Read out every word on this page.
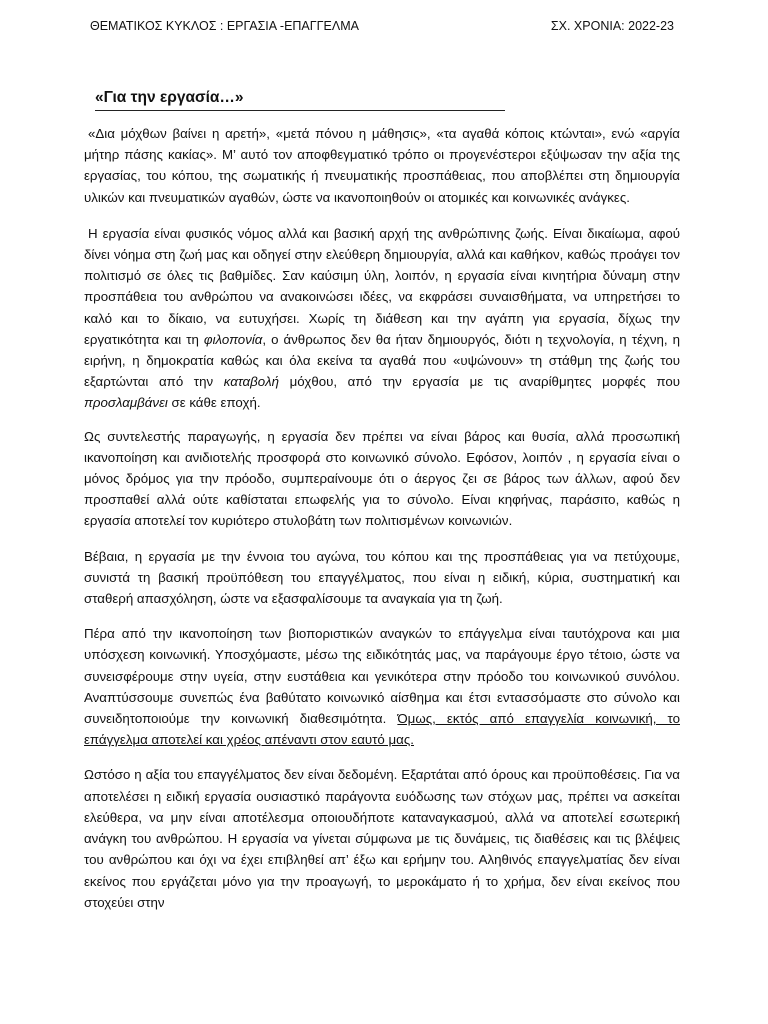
ΘΕΜΑΤΙΚΟΣ ΚΥΚΛΟΣ : ΕΡΓΑΣΙΑ -ΕΠΑΓΓΕΛΜΑ	ΣΧ. ΧΡΟΝΙΑ: 2022-23
«Για την εργασία…»

«Δια μόχθων βαίνει η αρετή», «μετά πόνου η μάθησις», «τα αγαθά κόποις κτώνται», ενώ «αργία μήτηρ πάσης κακίας». Μ’ αυτό τον αποφθεγματικό τρόπο οι προγενέστεροι εξύψωσαν την αξία της εργασίας, του κόπου, της σωματικής ή πνευματικής προσπάθειας, που αποβλέπει στη δημιουργία υλικών και πνευματικών αγαθών, ώστε να ικανοποιηθούν οι ατομικές και κοινωνικές ανάγκες.

Η εργασία είναι φυσικός νόμος αλλά και βασική αρχή της ανθρώπινης ζωής. Είναι δικαίωμα, αφού δίνει νόημα στη ζωή μας και οδηγεί στην ελεύθερη δημιουργία, αλλά και καθήκον, καθώς προάγει τον πολιτισμό σε όλες τις βαθμίδες. Σαν καύσιμη ύλη, λοιπόν, η εργασία είναι κινητήρια δύναμη στην προσπάθεια του ανθρώπου να ανακοινώσει ιδέες, να εκφράσει συναισθήματα, να υπηρετήσει το καλό και το δίκαιο, να ευτυχήσει. Χωρίς τη διάθεση και την αγάπη για εργασία, δίχως την εργατικότητα και τη φιλοπονία, ο άνθρωπος δεν θα ήταν δημιουργός, διότι η τεχνολογία, η τέχνη, η ειρήνη, η δημοκρατία καθώς και όλα εκείνα τα αγαθά που «υψώνουν» τη στάθμη της ζωής του εξαρτώνται από την καταβολή μόχθου, από την εργασία με τις αναρίθμητες μορφές που προσλαμβάνει σε κάθε εποχή.

Ως συντελεστής παραγωγής, η εργασία δεν πρέπει να είναι βάρος και θυσία, αλλά προσωπική ικανοποίηση και ανιδιοτελής προσφορά στο κοινωνικό σύνολο. Εφόσον, λοιπόν , η εργασία είναι ο μόνος δρόμος για την πρόοδο, συμπεραίνουμε ότι ο άεργος ζει σε βάρος των άλλων, αφού δεν προσπαθεί αλλά ούτε καθίσταται επωφελής για το σύνολο. Είναι κηφήνας, παράσιτο, καθώς η εργασία αποτελεί τον κυριότερο στυλοβάτη των πολιτισμένων κοινωνιών.

Βέβαια, η εργασία με την έννοια του αγώνα, του κόπου και της προσπάθειας για να πετύχουμε, συνιστά τη βασική προϋπόθεση του επαγγέλματος, που είναι η ειδική, κύρια, συστηματική και σταθερή απασχόληση, ώστε να εξασφαλίσουμε τα αναγκαία για τη ζωή.

Πέρα από την ικανοποίηση των βιοποριστικών αναγκών το επάγγελμα είναι ταυτόχρονα και μια υπόσχεση κοινωνική. Υποσχόμαστε, μέσω της ειδικότητάς μας, να παράγουμε έργο τέτοιο, ώστε να συνεισφέρουμε στην υγεία, στην ευστάθεια και γενικότερα στην πρόοδο του κοινωνικού συνόλου. Αναπτύσσουμε συνεπώς ένα βαθύτατο κοινωνικό αίσθημα και έτσι εντασσόμαστε στο σύνολο και συνειδητοποιούμε την κοινωνική διαθεσιμότητα. Όμως, εκτός από επαγγελία κοινωνική, το επάγγελμα αποτελεί και χρέος απέναντι στον εαυτό μας.

Ωστόσο η αξία του επαγγέλματος δεν είναι δεδομένη. Εξαρτάται από όρους και προϋποθέσεις. Για να αποτελέσει η ειδική εργασία ουσιαστικό παράγοντα ευόδωσης των στόχων μας, πρέπει να ασκείται ελεύθερα, να μην είναι αποτέλεσμα οποιουδήποτε καταναγκασμού, αλλά να αποτελεί εσωτερική ανάγκη του ανθρώπου. Η εργασία να γίνεται σύμφωνα με τις δυνάμεις, τις διαθέσεις και τις βλέψεις του ανθρώπου και όχι να έχει επιβληθεί απ’ έξω και ερήμην του. Αληθινός επαγγελματίας δεν είναι εκείνος που εργάζεται μόνο για την προαγωγή, το μεροκάματο ή το χρήμα, δεν είναι εκείνος που στοχεύει στην
